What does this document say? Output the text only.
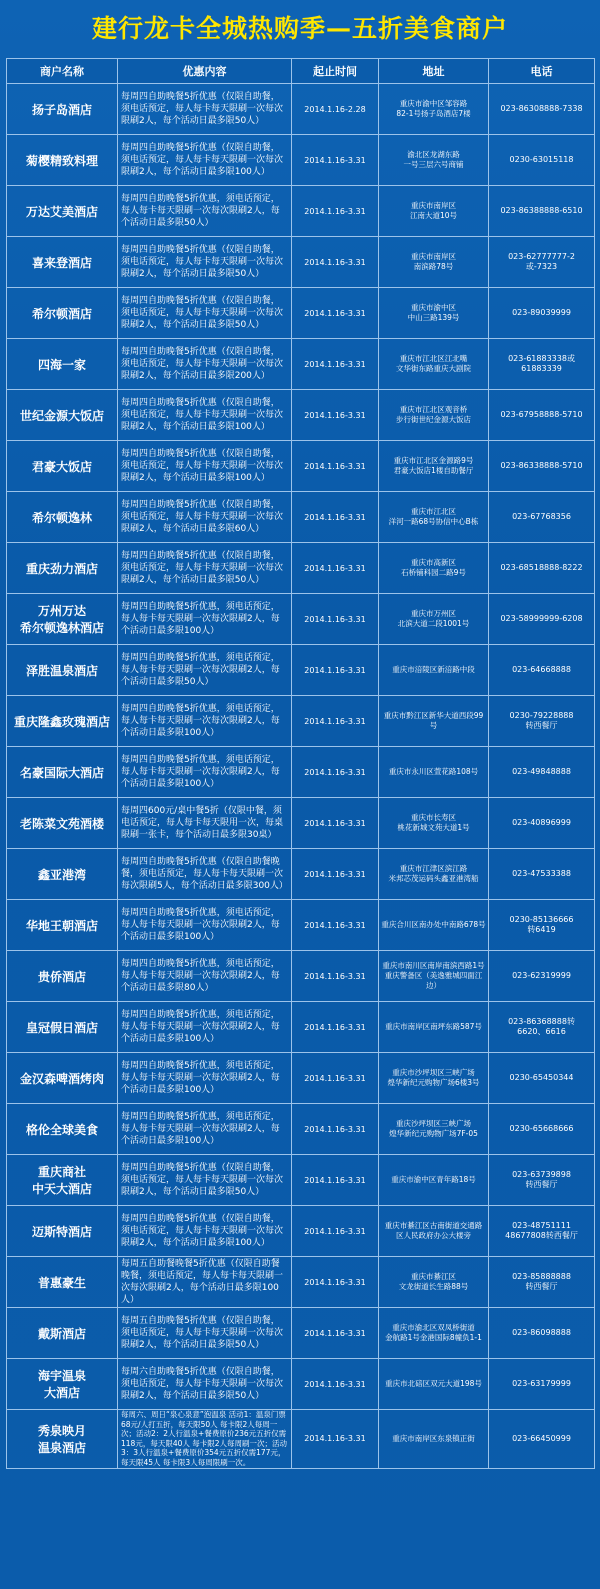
建行龙卡全城热购季—五折美食商户
商户名称	优惠内容	起止时间	地址	电话

扬子岛酒店	每周四自助晚餐5折优惠（仅限自助餐，须电话预定，每人每卡每天限刷一次每次限刷2人，每个活动日最多限50人）	2014.1.16-2.28	重庆市渝中区邹容路
82-1号扬子岛酒店7楼	023-86308888-7338

菊樱精致料理	每周四自助晚餐5折优惠（仅限自助餐，须电话预定，每人每卡每天限刷一次每次限刷2人，每个活动日最多限100人）	2014.1.16-3.31	渝北区龙湖东路
一号三层六号商铺	0230-63015118

万达艾美酒店	每周四自助晚餐5折优惠，须电话预定，每人每卡每天限刷一次每次限刷2人，每个活动日最多限50人）	2014.1.16-3.31	重庆市南岸区
江南大道10号	023-86388888-6510

喜来登酒店	每周四自助晚餐5折优惠（仅限自助餐，须电话预定，每人每卡每天限刷一次每次限刷2人，每个活动日最多限50人）	2014.1.16-3.31	重庆市南岸区
南滨路78号	023-62777777-2
或-7323

希尔顿酒店	每周四自助晚餐5折优惠（仅限自助餐，须电话预定，每人每卡每天限刷一次每次限刷2人，每个活动日最多限50人）	2014.1.16-3.31	重庆市渝中区
中山三路139号	023-89039999

四海一家	每周四自助晚餐5折优惠（仅限自助餐，须电话预定，每人每卡每天限刷一次每次限刷2人，每个活动日最多限200人）	2014.1.16-3.31	重庆市江北区江北嘴
文华街东路重庆大剧院	023-61883338或
61883339

世纪金源大饭店	每周四自助晚餐5折优惠（仅限自助餐，须电话预定，每人每卡每天限刷一次每次限刷2人，每个活动日最多限100人）	2014.1.16-3.31	重庆市江北区观音桥
步行街世纪金源大饭店	023-67958888-5710

君豪大饭店	每周四自助晚餐5折优惠（仅限自助餐，须电话预定，每人每卡每天限刷一次每次限刷2人，每个活动日最多限100人）	2014.1.16-3.31	重庆市江北区金源路9号
君豪大饭店1楼自助餐厅	023-86338888-5710

希尔顿逸林	每周四自助晚餐5折优惠（仅限自助餐，须电话预定，每人每卡每天限刷一次每次限刷2人，每个活动日最多限60人）	2014.1.16-3.31	重庆市江北区
洋河一路68号协信中心B栋	023-67768356

重庆劲力酒店	每周四自助晚餐5折优惠（仅限自助餐，须电话预定，每人每卡每天限刷一次每次限刷2人，每个活动日最多限50人）	2014.1.16-3.31	重庆市高新区
石桥铺科园二路9号	023-68518888-8222

万州万达
希尔顿逸林酒店	每周四自助晚餐5折优惠，须电话预定，每人每卡每天限刷一次每次限刷2人，每个活动日最多限100人）	2014.1.16-3.31	重庆市万州区
北滨大道二段1001号	023-58999999-6208

泽胜温泉酒店	每周四自助晚餐5折优惠，须电话预定，每人每卡每天限刷一次每次限刷2人，每个活动日最多限50人）	2014.1.16-3.31	重庆市涪陵区新涪路中段	023-64668888

重庆隆鑫玫瑰酒店	每周四自助晚餐5折优惠，须电话预定，每人每卡每天限刷一次每次限刷2人，每个活动日最多限100人）	2014.1.16-3.31	重庆市黔江区新华大道西段99号	0230-79228888
转西餐厅

名豪国际大酒店	每周四自助晚餐5折优惠，须电话预定，每人每卡每天限刷一次每次限刷2人，每个活动日最多限100人）	2014.1.16-3.31	重庆市永川区萱花路108号	023-49848888

老陈菜文苑酒楼	每周四600元/桌中餐5折（仅限中餐，须电话预定，每人每卡每天限用一次，每桌限刷一张卡，每个活动日最多限30桌）	2014.1.16-3.31	重庆市长寿区
桃花新城文苑大道1号	023-40896999

鑫亚港湾	每周四自助晚餐5折优惠（仅限自助餐晚餐，须电话预定，每人每卡每天限刷一次每次限刷5人，每个活动日最多限300人）	2014.1.16-3.31	重庆市江津区滨江路
米邦芯茂运码头鑫亚港湾船	023-47533388

华地王朝酒店	每周四自助晚餐5折优惠，须电话预定，每人每卡每天限刷一次每次限刷2人，每个活动日最多限100人）	2014.1.16-3.31	重庆合川区南办处中南路678号	0230-85136666
转6419

贵侨酒店	每周四自助晚餐5折优惠，须电话预定，每人每卡每天限刷一次每次限刷2人，每个活动日最多限80人）	2014.1.16-3.31	重庆市南川区南岸南滨西路1号
重庆警备区（美逸雅城四面江边）	023-62319999

皇冠假日酒店	每周四自助晚餐5折优惠，须电话预定，每人每卡每天限刷一次每次限刷2人，每个活动日最多限100人）	2014.1.16-3.31	重庆市南岸区南坪东路587号	023-86368888转
6620、6616

金汉森啤酒烤肉	每周四自助晚餐5折优惠，须电话预定，每人每卡每天限刷一次每次限刷2人，每个活动日最多限100人）	2014.1.16-3.31	重庆市沙坪坝区三峡广场
煌华新纪元购物广场6楼3号	0230-65450344

格伦全球美食	每周四自助晚餐5折优惠，须电话预定，每人每卡每天限刷一次每次限刷2人，每个活动日最多限100人）	2014.1.16-3.31	重庆沙坪坝区三峡广场
煌华新纪元购物广场7F-05	0230-65668666

重庆商社
中天大酒店	每周四自助晚餐5折优惠（仅限自助餐，须电话预定，每人每卡每天限刷一次每次限刷2人，每个活动日最多限50人）	2014.1.16-3.31	重庆市渝中区青年路18号	023-63739898
转西餐厅

迈斯特酒店	每周四自助晚餐5折优惠（仅限自助餐，须电话预定，每人每卡每天限刷一次每次限刷2人，每个活动日最多限100人）	2014.1.16-3.31	重庆市綦江区古南街道交通路
区人民政府办公大楼旁	023-48751111
48677808转西餐厅

普惠豪生	每周五自助餐晚餐5折优惠（仅限自助餐晚餐，须电话预定，每人每卡每天限刷一次每次限刷2人，每个活动日最多限100人）	2014.1.16-3.31	重庆市綦江区
文龙街道长生路88号	023-85888888
转西餐厅

戴斯酒店	每周五自助晚餐5折优惠（仅限自助餐，须电话预定，每人每卡每天限刷一次每次限刷2人，每个活动日最多限50人）	2014.1.16-3.31	重庆市渝北区双凤桥街道
金航路1号金港国际8幢负1-1	023-86098888

海宇温泉
大酒店	每周六自助晚餐5折优惠（仅限自助餐，须电话预定，每人每卡每天限刷一次每次限刷2人，每个活动日最多限50人）	2014.1.16-3.31	重庆市北碚区双元大道198号	023-63179999

秀泉映月
温泉酒店	每周六、周日“泉心泉意”泡温泉 活动1：温泉门票68元/人打五折，每天限50人 每卡限2人每周一次；活动2：2人行温泉+餐费原价236元五折仅需118元，每天限40人 每卡限2人每周刷一次；活动3：3人行温泉+餐费原价354元五折仅需177元，每天限45人 每卡限3人每周限刷一次。	2014.1.16-3.31	重庆市南岸区东泉镇正街	023-66450999
